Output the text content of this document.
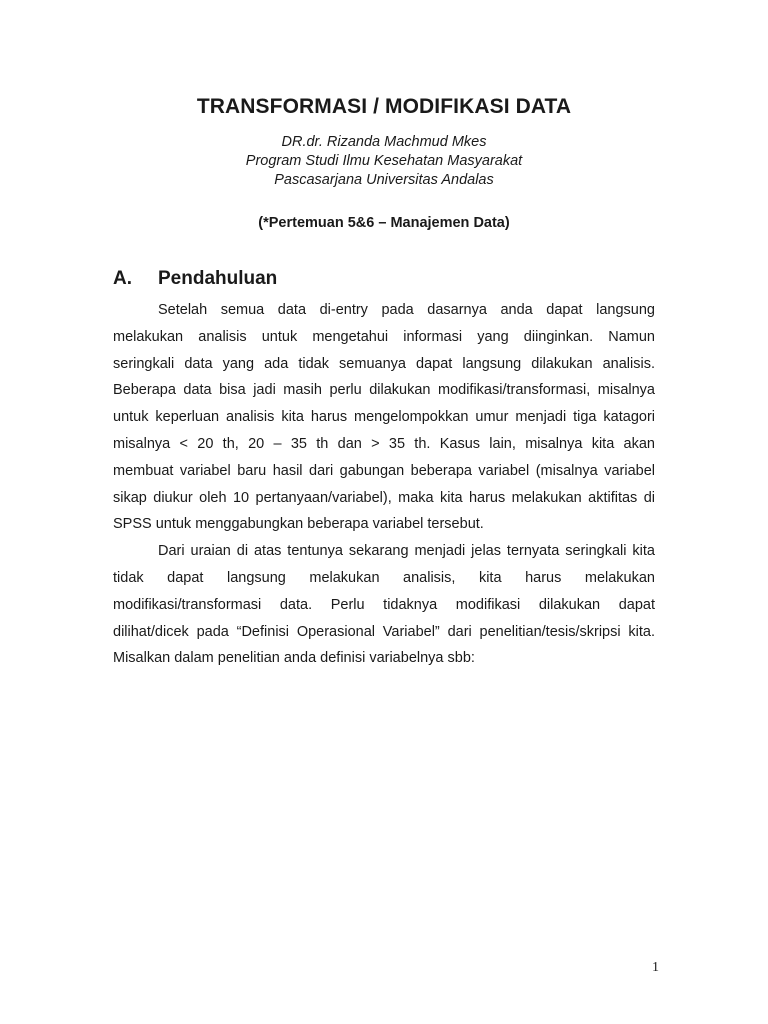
TRANSFORMASI / MODIFIKASI DATA
DR.dr. Rizanda Machmud Mkes
Program Studi Ilmu Kesehatan Masyarakat
Pascasarjana Universitas Andalas
(*Pertemuan 5&6 – Manajemen Data)
A. Pendahuluan
Setelah semua data di-entry pada dasarnya anda dapat langsung
melakukan analisis untuk mengetahui informasi yang diinginkan. Namun
seringkali data yang ada tidak semuanya dapat langsung dilakukan analisis.
Beberapa data bisa jadi masih perlu dilakukan modifikasi/transformasi, misalnya
untuk keperluan analisis kita harus mengelompokkan umur menjadi tiga katagori
misalnya < 20 th, 20 – 35 th dan > 35 th. Kasus lain, misalnya kita akan
membuat variabel baru hasil dari gabungan beberapa variabel (misalnya variabel
sikap diukur oleh 10 pertanyaan/variabel), maka kita harus melakukan aktifitas di
SPSS untuk menggabungkan beberapa variabel tersebut.
Dari uraian di atas tentunya sekarang menjadi jelas ternyata seringkali kita
tidak dapat langsung melakukan analisis, kita harus melakukan
modifikasi/transformasi data. Perlu tidaknya modifikasi dilakukan dapat
dilihat/dicek pada “Definisi Operasional Variabel” dari penelitian/tesis/skripsi kita.
Misalkan dalam penelitian anda definisi variabelnya sbb:
1
